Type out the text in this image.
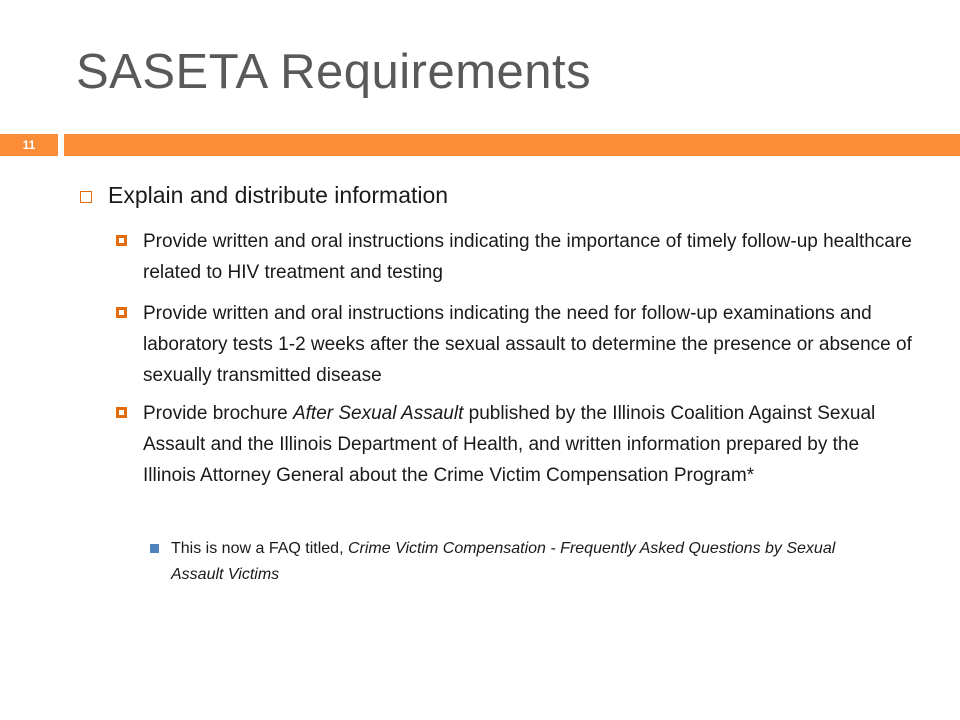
SASETA Requirements
11
Explain and distribute information
Provide written and oral instructions indicating the importance of timely follow-up healthcare related to HIV treatment and testing
Provide written and oral instructions indicating the need for follow-up examinations and laboratory tests 1-2 weeks after the sexual assault to determine the presence or absence of sexually transmitted disease
Provide brochure After Sexual Assault published by the Illinois Coalition Against Sexual Assault and the Illinois Department of Health, and written information prepared by the Illinois Attorney General about the Crime Victim Compensation Program*
This is now a FAQ titled, Crime Victim Compensation - Frequently Asked Questions by Sexual Assault Victims
